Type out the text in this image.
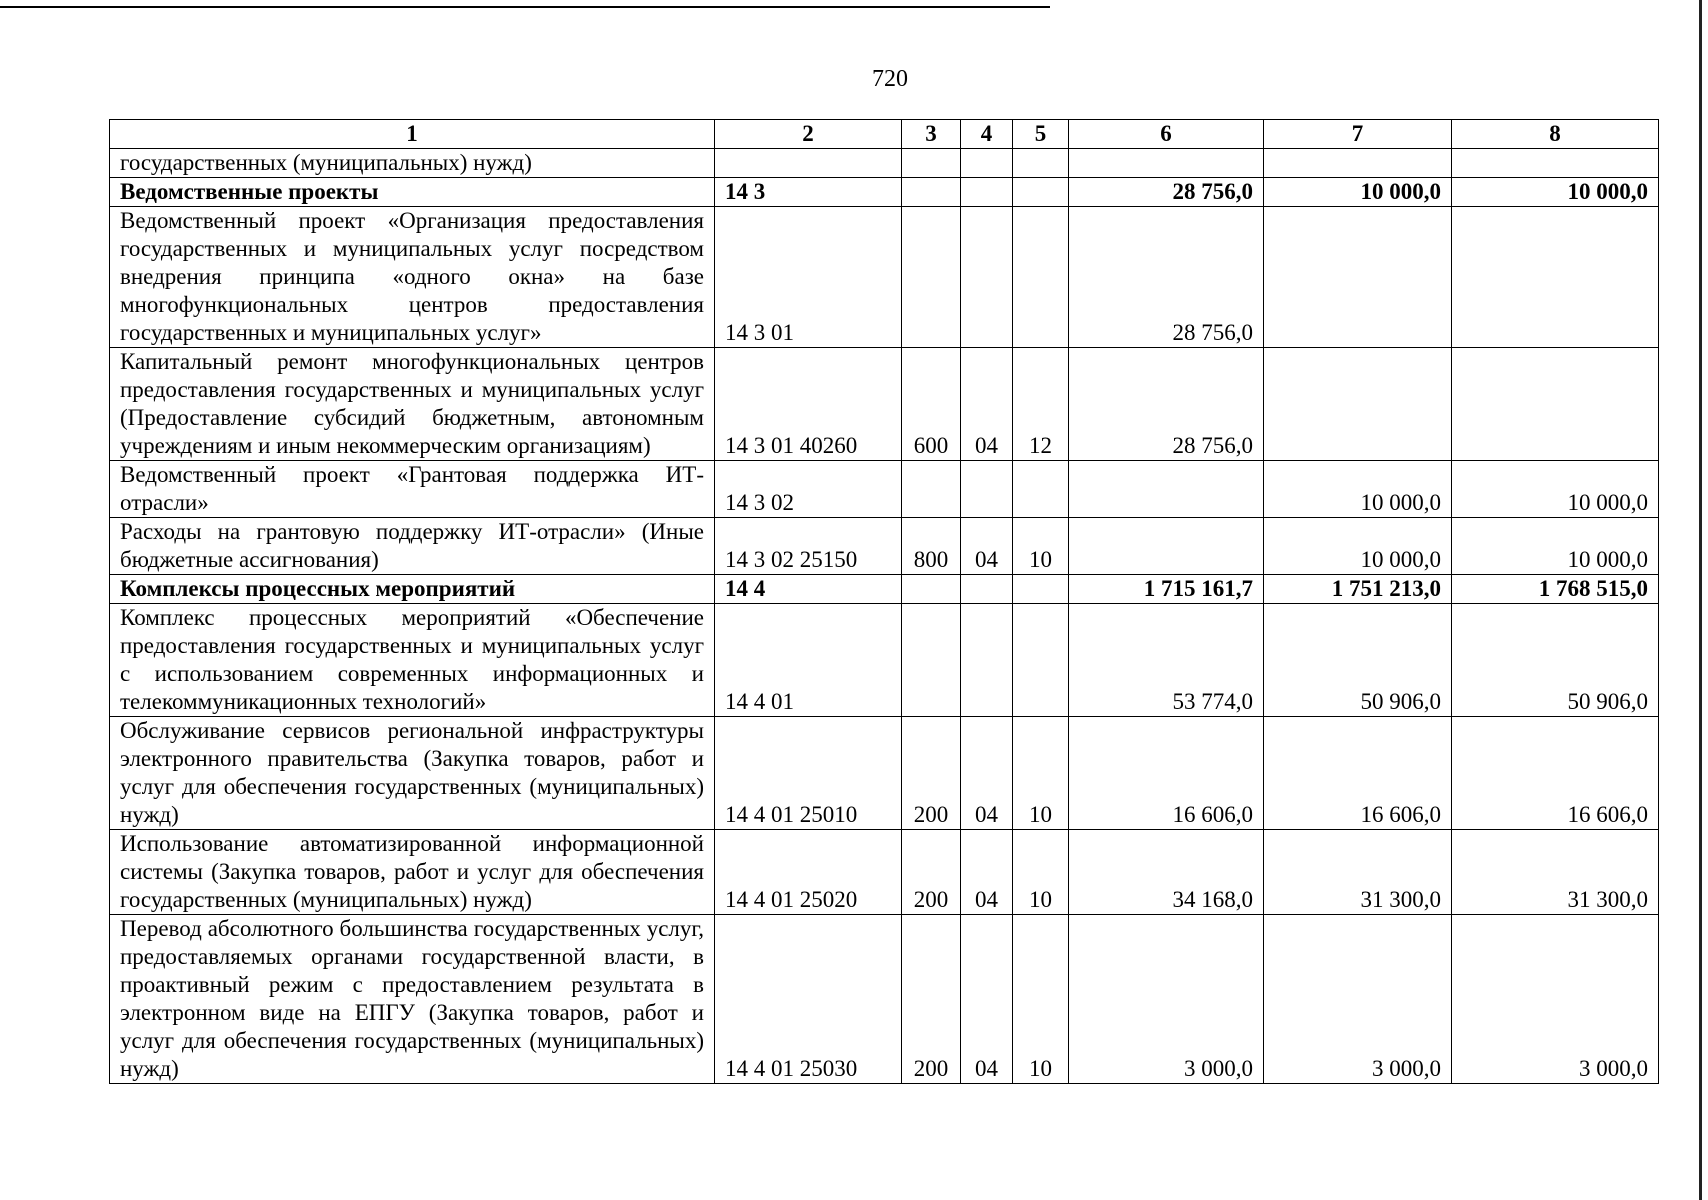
720
1	2	3	4	5	6	7	8
государственных (муниципальных) нужд)							
Ведомственные проекты	14 3				28 756,0	10 000,0	10 000,0
Ведомственный проект «Организация предоставления государственных и муниципальных услуг посредством внедрения принципа «одного окна» на базе многофункциональных центров предоставления государственных и муниципальных услуг»	14 3 01				28 756,0		
Капитальный ремонт многофункциональных центров предоставления государственных и муниципальных услуг (Предоставление субсидий бюджетным, автономным учреждениям и иным некоммерческим организациям)	14 3 01 40260	600	04	12	28 756,0		
Ведомственный проект «Грантовая поддержка ИТ-отрасли»	14 3 02					10 000,0	10 000,0
Расходы на грантовую поддержку ИТ-отрасли» (Иные бюджетные ассигнования)	14 3 02 25150	800	04	10		10 000,0	10 000,0
Комплексы процессных мероприятий	14 4				1 715 161,7	1 751 213,0	1 768 515,0
Комплекс процессных мероприятий «Обеспечение предоставления государственных и муниципальных услуг с использованием современных информационных и телекоммуникационных технологий»	14 4 01				53 774,0	50 906,0	50 906,0
Обслуживание сервисов региональной инфраструктуры электронного правительства (Закупка товаров, работ и услуг для обеспечения государственных (муниципальных) нужд)	14 4 01 25010	200	04	10	16 606,0	16 606,0	16 606,0
Использование автоматизированной информационной системы (Закупка товаров, работ и услуг для обеспечения государственных (муниципальных) нужд)	14 4 01 25020	200	04	10	34 168,0	31 300,0	31 300,0
Перевод абсолютного большинства государственных услуг, предоставляемых органами государственной власти, в проактивный режим с предоставлением результата в электронном виде на ЕПГУ (Закупка товаров, работ и услуг для обеспечения государственных (муниципальных) нужд)	14 4 01 25030	200	04	10	3 000,0	3 000,0	3 000,0
